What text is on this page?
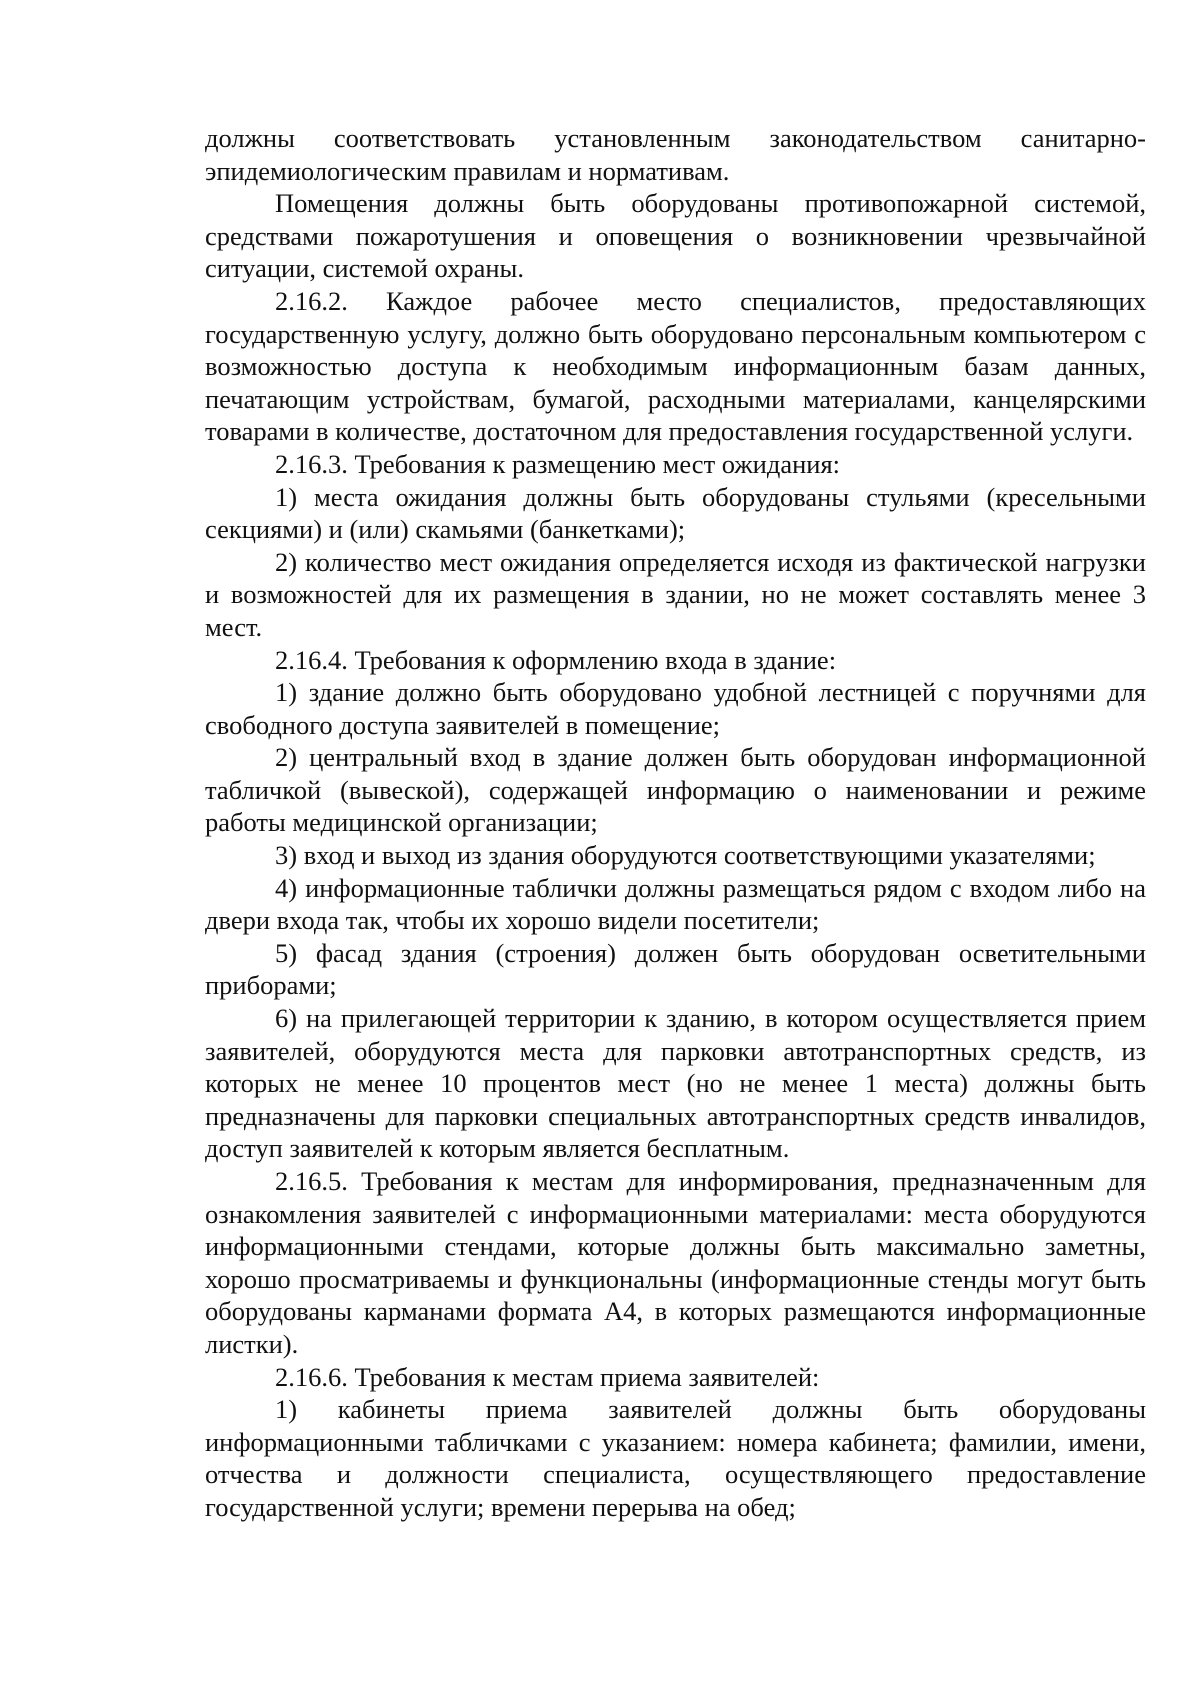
должны соответствовать установленным законодательством санитарно-эпидемиологическим правилам и нормативам.

Помещения должны быть оборудованы противопожарной системой, средствами пожаротушения и оповещения о возникновении чрезвычайной ситуации, системой охраны.

2.16.2. Каждое рабочее место специалистов, предоставляющих государственную услугу, должно быть оборудовано персональным компьютером с возможностью доступа к необходимым информационным базам данных, печатающим устройствам, бумагой, расходными материалами, канцелярскими товарами в количестве, достаточном для предоставления государственной услуги.

2.16.3. Требования к размещению мест ожидания:

1) места ожидания должны быть оборудованы стульями (кресельными секциями) и (или) скамьями (банкетками);

2) количество мест ожидания определяется исходя из фактической нагрузки и возможностей для их размещения в здании, но не может составлять менее 3 мест.

2.16.4. Требования к оформлению входа в здание:

1) здание должно быть оборудовано удобной лестницей с поручнями для свободного доступа заявителей в помещение;

2) центральный вход в здание должен быть оборудован информационной табличкой (вывеской), содержащей информацию о наименовании и режиме работы медицинской организации;

3) вход и выход из здания оборудуются соответствующими указателями;

4) информационные таблички должны размещаться рядом с входом либо на двери входа так, чтобы их хорошо видели посетители;

5) фасад здания (строения) должен быть оборудован осветительными приборами;

6) на прилегающей территории к зданию, в котором осуществляется прием заявителей, оборудуются места для парковки автотранспортных средств, из которых не менее 10 процентов мест (но не менее 1 места) должны быть предназначены для парковки специальных автотранспортных средств инвалидов, доступ заявителей к которым является бесплатным.

2.16.5. Требования к местам для информирования, предназначенным для ознакомления заявителей с информационными материалами: места оборудуются информационными стендами, которые должны быть максимально заметны, хорошо просматриваемы и функциональны (информационные стенды могут быть оборудованы карманами формата А4, в которых размещаются информационные листки).

2.16.6. Требования к местам приема заявителей:

1) кабинеты приема заявителей должны быть оборудованы информационными табличками с указанием: номера кабинета; фамилии, имени, отчества и должности специалиста, осуществляющего предоставление государственной услуги; времени перерыва на обед;
